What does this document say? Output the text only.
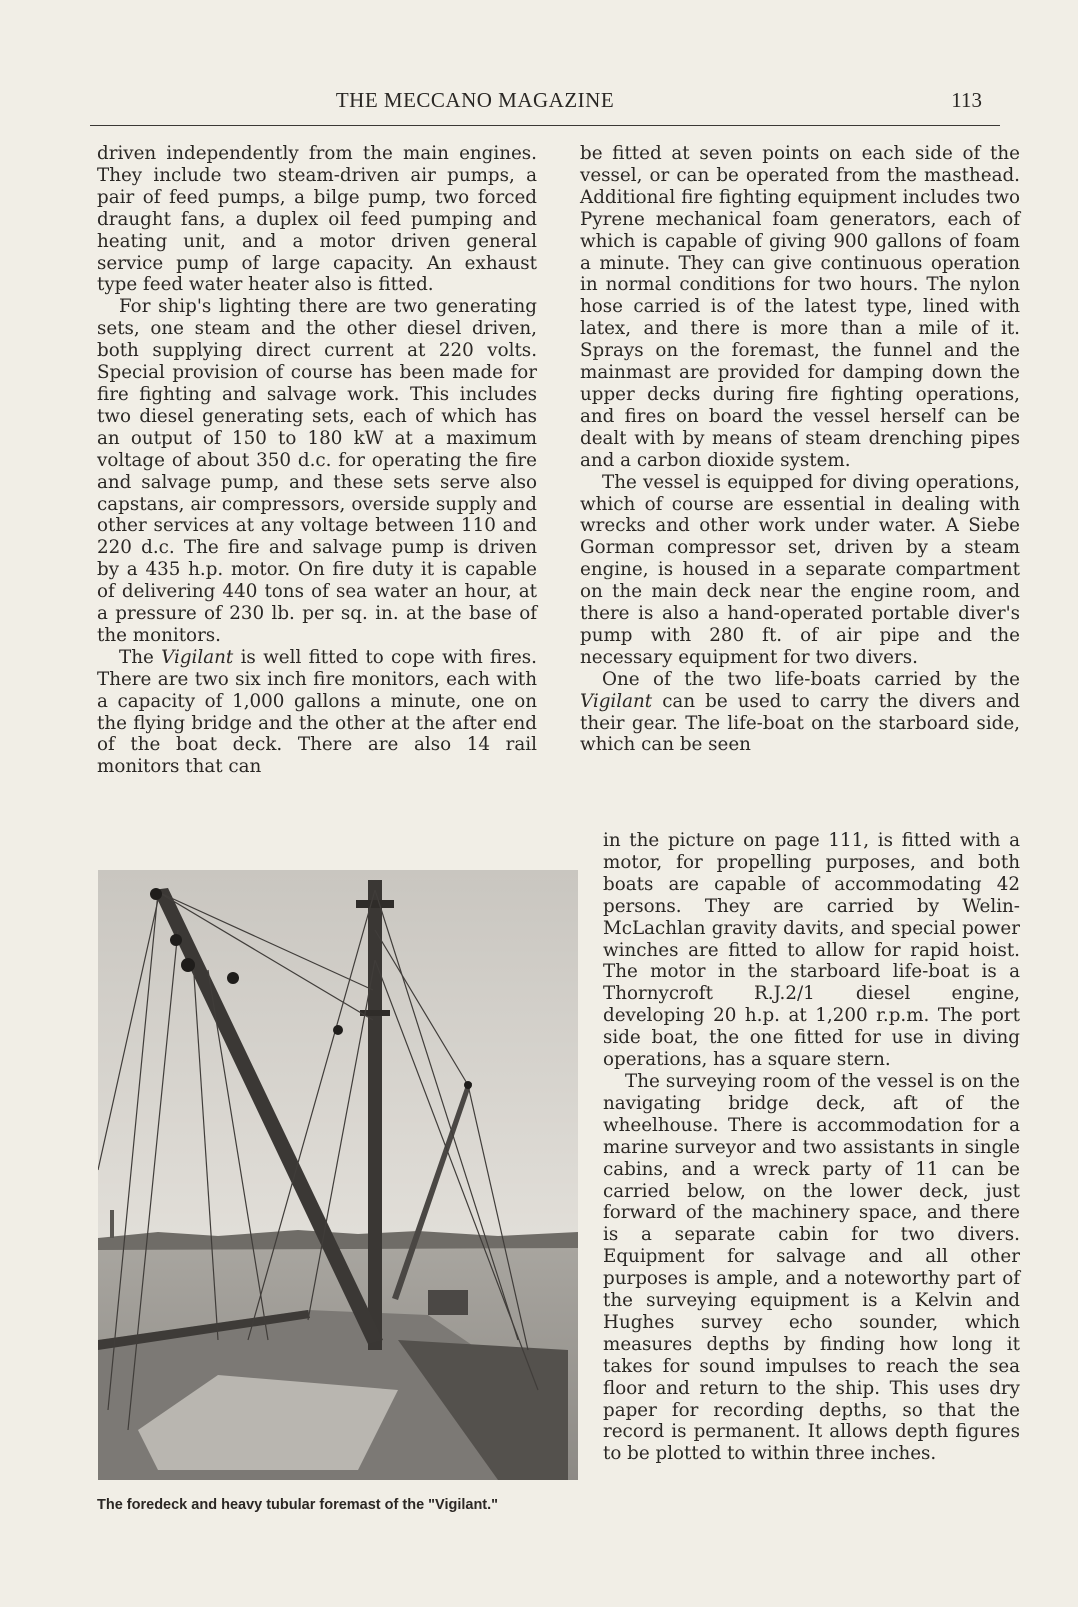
THE MECCANO MAGAZINE	113

driven independently from the main engines. They include two steam-driven air pumps, a pair of feed pumps, a bilge pump, two forced draught fans, a duplex oil feed pumping and heating unit, and a motor driven general service pump of large capacity. An exhaust type feed water heater also is fitted.

For ship's lighting there are two generating sets, one steam and the other diesel driven, both supplying direct current at 220 volts. Special provision of course has been made for fire fighting and salvage work. This includes two diesel generating sets, each of which has an output of 150 to 180 kW at a maximum voltage of about 350 d.c. for operating the fire and salvage pump, and these sets serve also capstans, air compressors, overside supply and other services at any voltage between 110 and 220 d.c. The fire and salvage pump is driven by a 435 h.p. motor. On fire duty it is capable of delivering 440 tons of sea water an hour, at a pressure of 230 lb. per sq. in. at the base of the monitors.

The Vigilant is well fitted to cope with fires. There are two six inch fire monitors, each with a capacity of 1,000 gallons a minute, one on the flying bridge and the other at the after end of the boat deck. There are also 14 rail monitors that can

be fitted at seven points on each side of the vessel, or can be operated from the masthead. Additional fire fighting equipment includes two Pyrene mechanical foam generators, each of which is capable of giving 900 gallons of foam a minute. They can give continuous operation in normal conditions for two hours. The nylon hose carried is of the latest type, lined with latex, and there is more than a mile of it. Sprays on the foremast, the funnel and the mainmast are provided for damping down the upper decks during fire fighting operations, and fires on board the vessel herself can be dealt with by means of steam drenching pipes and a carbon dioxide system.

The vessel is equipped for diving operations, which of course are essential in dealing with wrecks and other work under water. A Siebe Gorman compressor set, driven by a steam engine, is housed in a separate compartment on the main deck near the engine room, and there is also a hand-operated portable diver's pump with 280 ft. of air pipe and the necessary equipment for two divers.

One of the two life-boats carried by the Vigilant can be used to carry the divers and their gear. The life-boat on the starboard side, which can be seen

in the picture on page 111, is fitted with a motor, for propelling purposes, and both boats are capable of accommodating 42 persons. They are carried by Welin-McLachlan gravity davits, and special power winches are fitted to allow for rapid hoist. The motor in the starboard life-boat is a Thornycroft R.J.2/1 diesel engine, developing 20 h.p. at 1,200 r.p.m. The port side boat, the one fitted for use in diving operations, has a square stern.

The surveying room of the vessel is on the navigating bridge deck, aft of the wheelhouse. There is accommodation for a marine surveyor and two assistants in single cabins, and a wreck party of 11 can be carried below, on the lower deck, just forward of the machinery space, and there is a separate cabin for two divers. Equipment for salvage and all other purposes is ample, and a noteworthy part of the surveying equipment is a Kelvin and Hughes survey echo sounder, which measures depths by finding how long it takes for sound impulses to reach the sea floor and return to the ship. This uses dry paper for recording depths, so that the record is permanent. It allows depth figures to be plotted to within three inches.

The foredeck and heavy tubular foremast of the "Vigilant."
